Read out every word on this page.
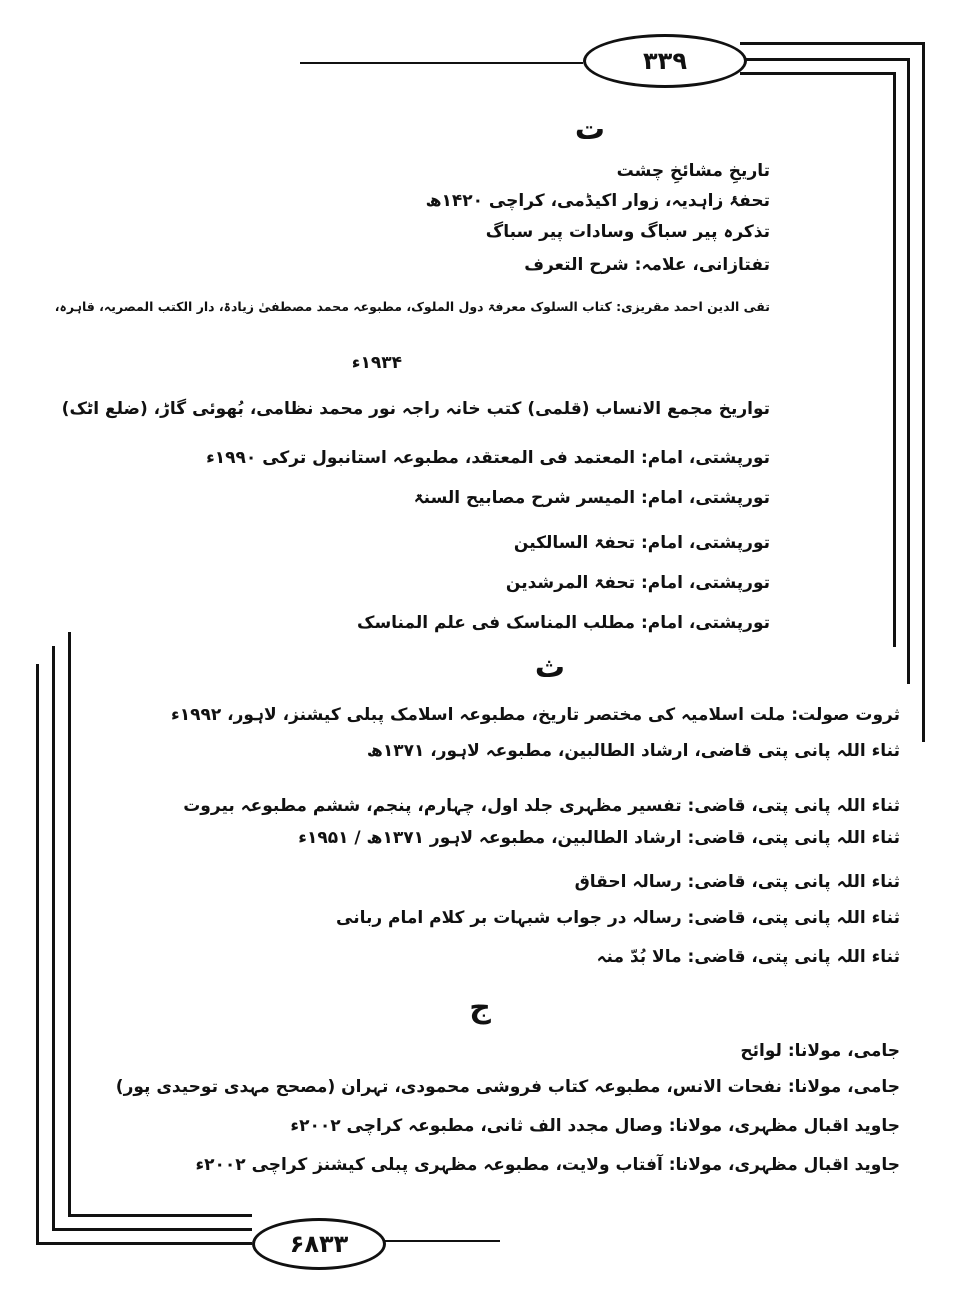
۳۳۹
۶۸۳۳
ت
تاریخِ مشائخِ چشت
تحفۂ زاہدیہ، زوار اکیڈمی، کراچی ۱۴۲۰ھ
تذکرہ پیر سباگ وسادات پیر سباگ
تفتازانی، علامہ: شرح التعرف
تقی الدین احمد مقریزی: کتاب السلوک معرفۃ دول الملوک، مطبوعہ محمد مصطفیٰ زیادۃ، دار الکتب المصریہ، قاہرہ،
۱۹۳۴ء
تواریخ مجمع الانساب (قلمی) کتب خانہ راجہ نور محمد نظامی، بُھوئی گاڑ، (ضلع اٹک)
تورپشتی، امام: المعتمد فی المعتقد، مطبوعہ استانبول ترکی ۱۹۹۰ء
تورپشتی، امام: المیسر شرح مصابیح السنۃ
تورپشتی، امام: تحفۃ السالکین
تورپشتی، امام: تحفۃ المرشدین
تورپشتی، امام: مطلب المناسک فی علم المناسک
ث
ثروت صولت: ملت اسلامیہ کی مختصر تاریخ، مطبوعہ اسلامک پبلی کیشنز، لاہور، ۱۹۹۲ء
ثناء اللہ پانی پتی قاضی، ارشاد الطالبین، مطبوعہ لاہور، ۱۳۷۱ھ
ثناء اللہ پانی پتی، قاضی: تفسیر مظہری جلد اول، چہارم، پنجم، ششم مطبوعہ بیروت
ثناء اللہ پانی پتی، قاضی: ارشاد الطالبین، مطبوعہ لاہور ۱۳۷۱ھ / ۱۹۵۱ء
ثناء اللہ پانی پتی، قاضی: رسالہ احقاق
ثناء اللہ پانی پتی، قاضی: رسالہ در جواب شبہات بر کلام امام ربانی
ثناء اللہ پانی پتی، قاضی: مالا بُدّ منہ
ج
جامی، مولانا: لوائح
جامی، مولانا: نفحات الانس، مطبوعہ کتاب فروشی محمودی، تہران (مصحح مہدی توحیدی پور)
جاوید اقبال مظہری، مولانا: وصال مجدد الف ثانی، مطبوعہ کراچی ۲۰۰۲ء
جاوید اقبال مظہری، مولانا: آفتاب ولایت، مطبوعہ مظہری پبلی کیشنز کراچی ۲۰۰۲ء
